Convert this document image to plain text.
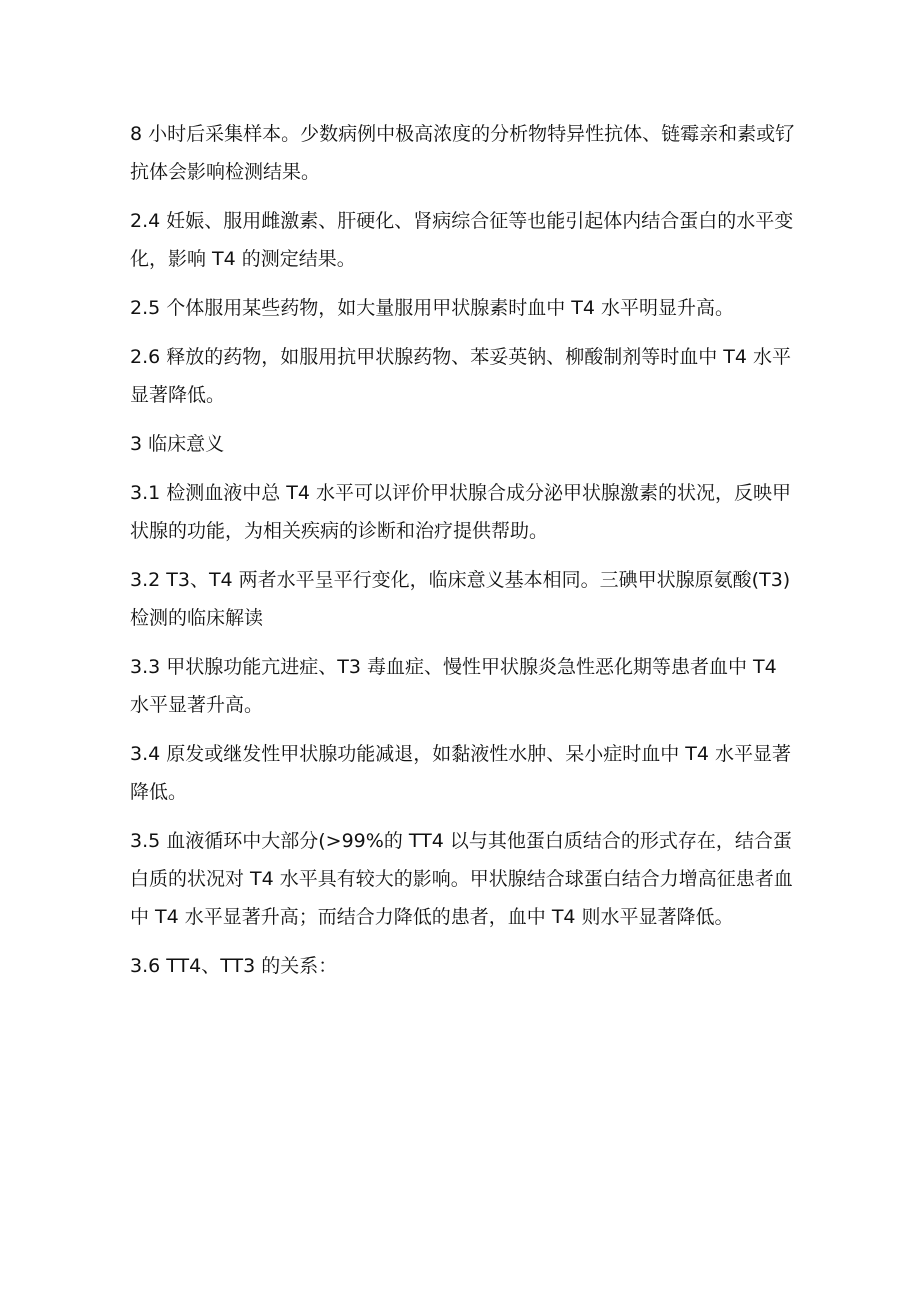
8 小时后采集样本。少数病例中极高浓度的分析物特异性抗体、链霉亲和素或钌抗体会影响检测结果。

2.4 妊娠、服用雌激素、肝硬化、肾病综合征等也能引起体内结合蛋白的水平变化，影响 T4 的测定结果。

2.5 个体服用某些药物，如大量服用甲状腺素时血中 T4 水平明显升高。

2.6 释放的药物，如服用抗甲状腺药物、苯妥英钠、柳酸制剂等时血中 T4 水平显著降低。

3 临床意义

3.1 检测血液中总 T4 水平可以评价甲状腺合成分泌甲状腺激素的状况，反映甲状腺的功能，为相关疾病的诊断和治疗提供帮助。

3.2 T3、T4 两者水平呈平行变化，临床意义基本相同。三碘甲状腺原氨酸(T3)检测的临床解读

3.3 甲状腺功能亢进症、T3 毒血症、慢性甲状腺炎急性恶化期等患者血中 T4 水平显著升高。

3.4 原发或继发性甲状腺功能减退，如黏液性水肿、呆小症时血中 T4 水平显著降低。

3.5 血液循环中大部分(>99%的 TT4 以与其他蛋白质结合的形式存在，结合蛋白质的状况对 T4 水平具有较大的影响。甲状腺结合球蛋白结合力增高征患者血中 T4 水平显著升高；而结合力降低的患者，血中 T4 则水平显著降低。

3.6 TT4、TT3 的关系：
